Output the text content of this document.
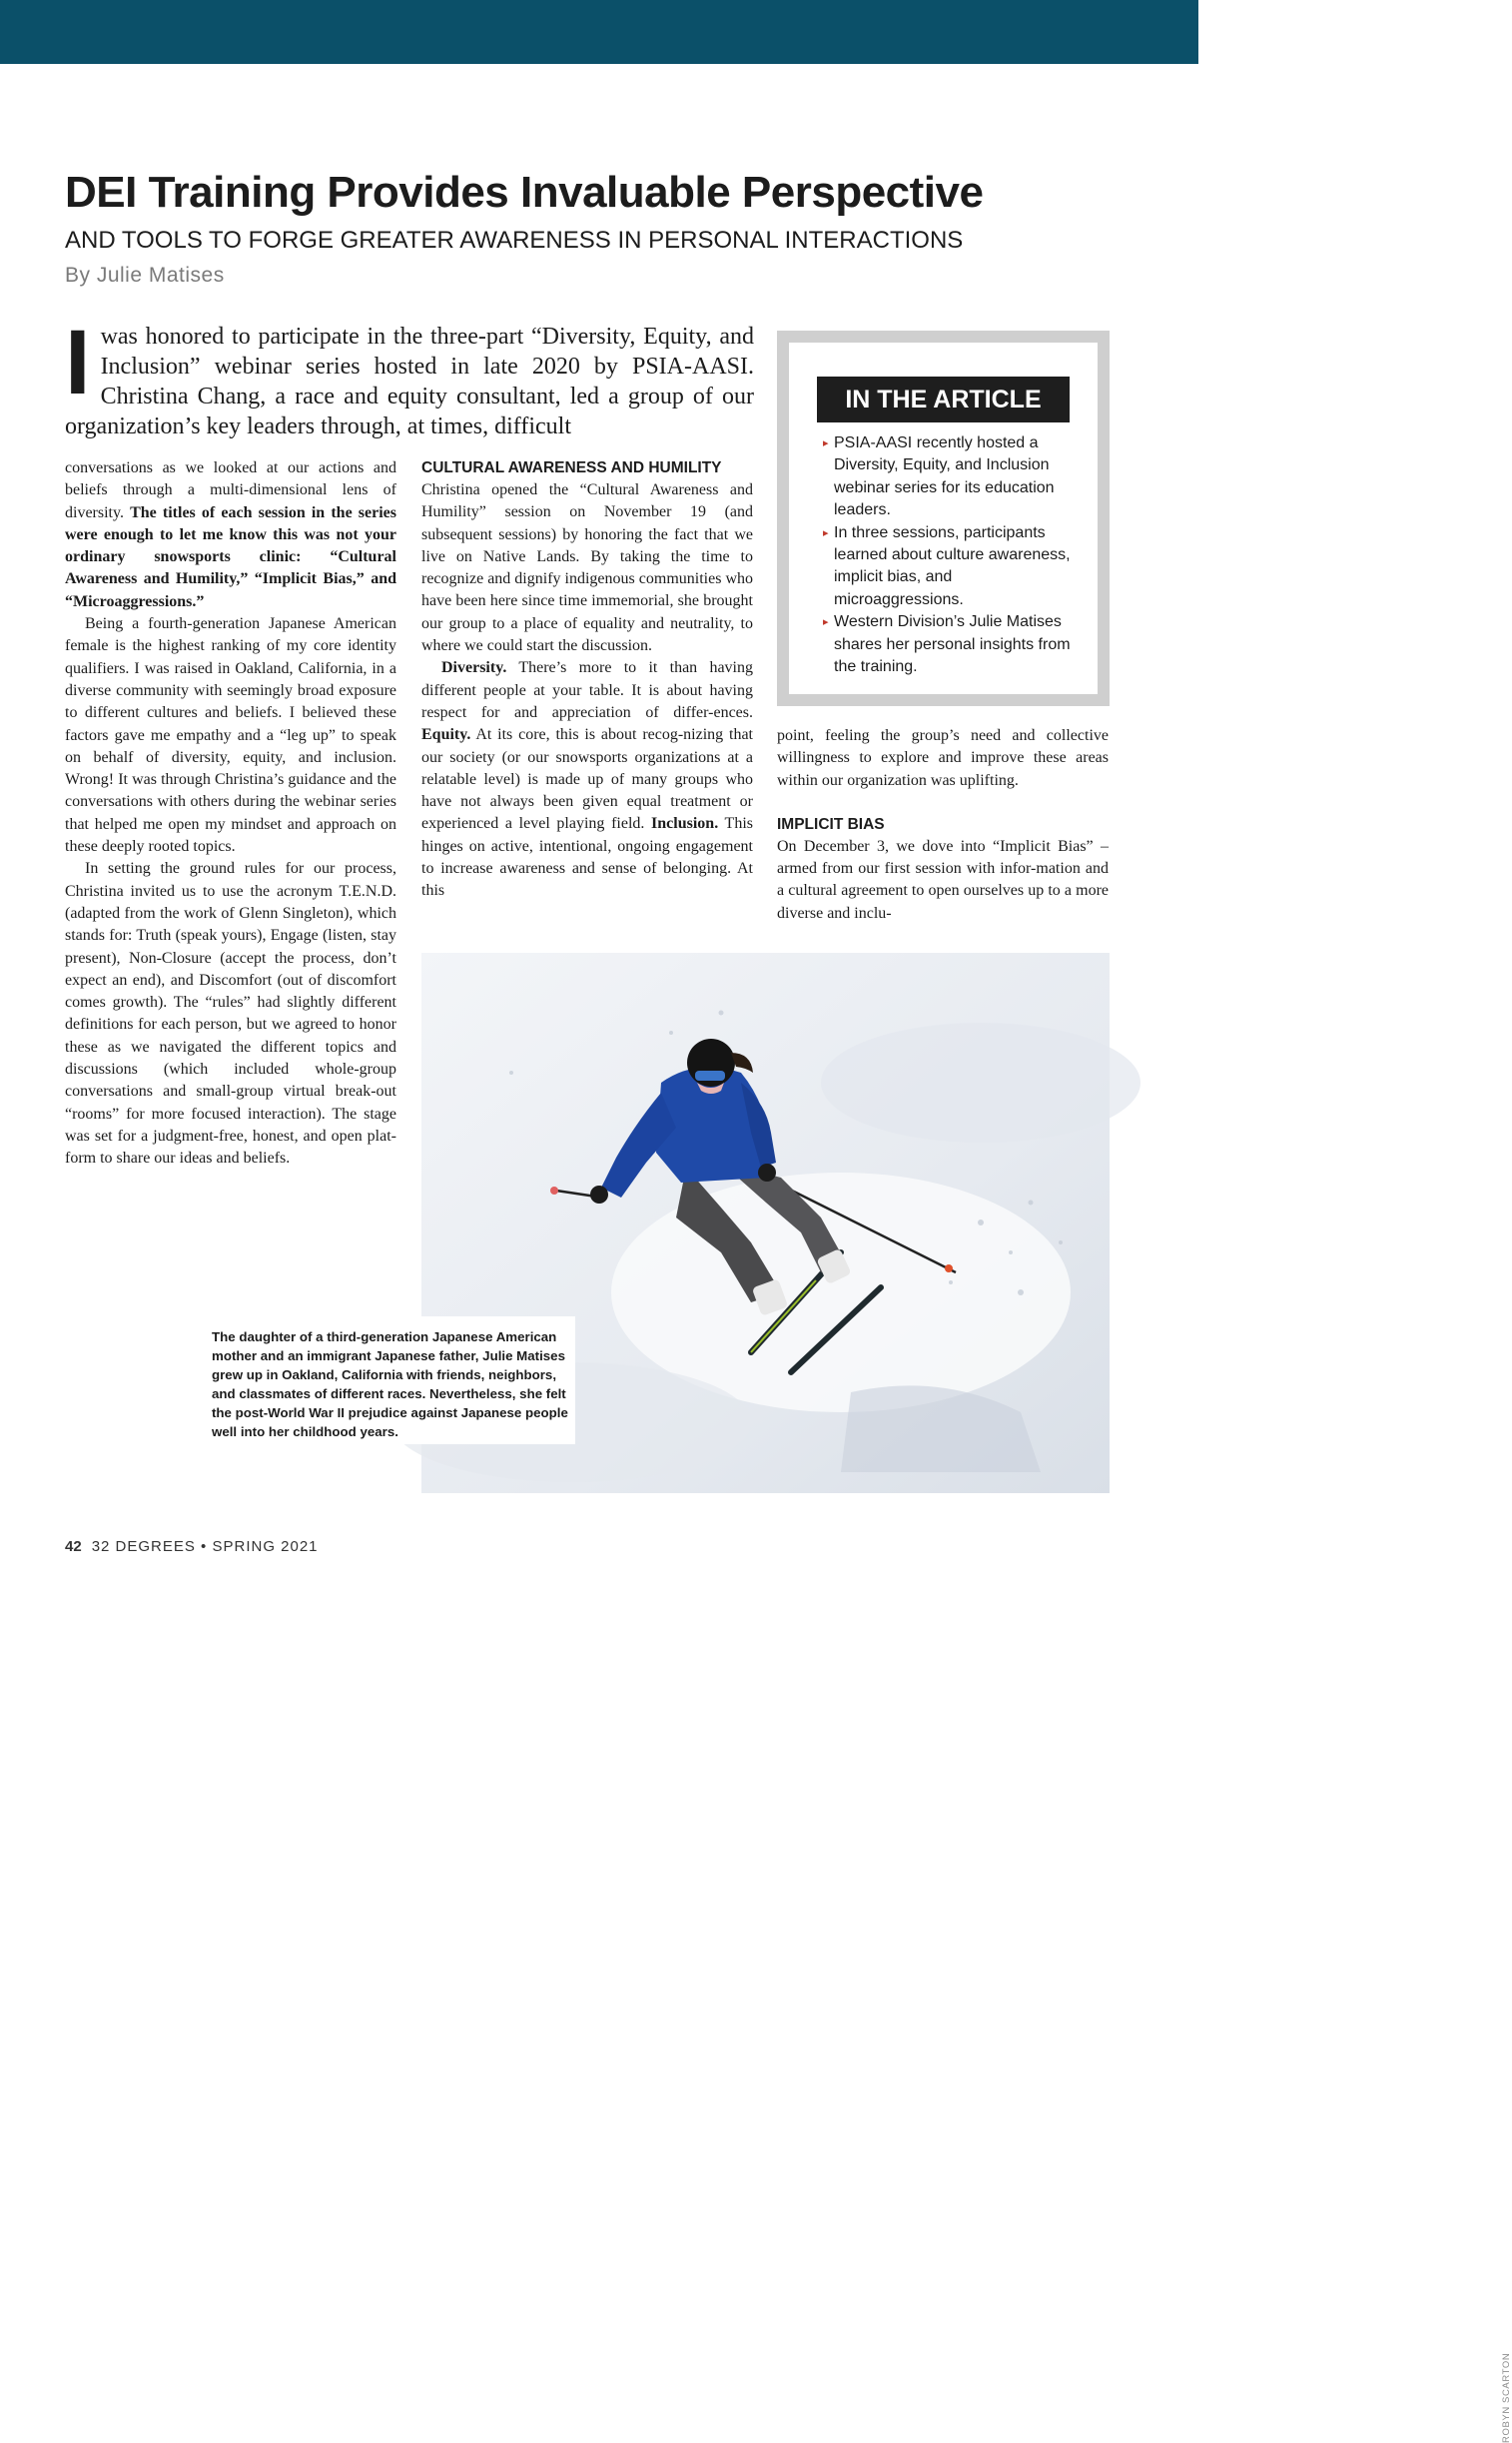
DEI Training Provides Invaluable Perspective
AND TOOLS TO FORGE GREATER AWARENESS IN PERSONAL INTERACTIONS
By Julie Matises
Iwas honored to participate in the three-part “Diversity, Equity, and Inclusion” webinar series hosted in late 2020 by PSIA-AASI. Christina Chang, a race and equity consultant, led a group of our organization’s key leaders through, at times, difficult

conversations as we looked at our actions and beliefs through a multi-dimensional lens of diversity. The titles of each session in the series were enough to let me know this was not your ordinary snowsports clinic: “Cultural Awareness and Humility,” “Implicit Bias,” and “Microaggressions.”

Being a fourth-generation Japanese American female is the highest ranking of my core identity qualifiers. I was raised in Oakland, California, in a diverse community with seemingly broad exposure to different cultures and beliefs. I believed these factors gave me empathy and a “leg up” to speak on behalf of diversity, equity, and inclusion. Wrong! It was through Christina’s guidance and the conversations with others during the webinar series that helped me open my mindset and approach on these deeply rooted topics.

In setting the ground rules for our process, Christina invited us to use the acronym T.E.N.D. (adapted from the work of Glenn Singleton), which stands for: Truth (speak yours), Engage (listen, stay present), Non-Closure (accept the process, don’t expect an end), and Discomfort (out of discomfort comes growth). The “rules” had slightly different definitions for each person, but we agreed to honor these as we navigated the different topics and discussions (which included whole-group conversations and small-group virtual break-out “rooms” for more focused interaction). The stage was set for a judgment-free, honest, and open plat-form to share our ideas and beliefs.

CULTURAL AWARENESS AND HUMILITY

Christina opened the “Cultural Awareness and Humility” session on November 19 (and subsequent sessions) by honoring the fact that we live on Native Lands. By taking the time to recognize and dignify indigenous communities who have been here since time immemorial, she brought our group to a place of equality and neutrality, to where we could start the discussion.

Diversity. There’s more to it than having different people at your table. It is about having respect for and appreciation of differ-ences. Equity. At its core, this is about recog-nizing that our society (or our snowsports organizations at a relatable level) is made up of many groups who have not always been given equal treatment or experienced a level playing field. Inclusion. This hinges on active, intentional, ongoing engagement to increase awareness and sense of belonging. At this

IN THE ARTICLE
▸ PSIA-AASI recently hosted a Diversity, Equity, and Inclusion webinar series for its education leaders.
▸ In three sessions, participants learned about culture awareness, implicit bias, and microaggressions.
▸ Western Division’s Julie Matises shares her personal insights from the training.

point, feeling the group’s need and collective willingness to explore and improve these areas within our organization was uplifting.

IMPLICIT BIAS

On December 3, we dove into “Implicit Bias” – armed from our first session with infor-mation and a cultural agreement to open ourselves up to a more diverse and inclu-

ROBYN SCARTON
The daughter of a third-generation Japanese American mother and an immigrant Japanese father, Julie Matises grew up in Oakland, California with friends, neighbors, and classmates of different races. Nevertheless, she felt the post-World War II prejudice against Japanese people well into her childhood years.
42 32 DEGREES • SPRING 2021
